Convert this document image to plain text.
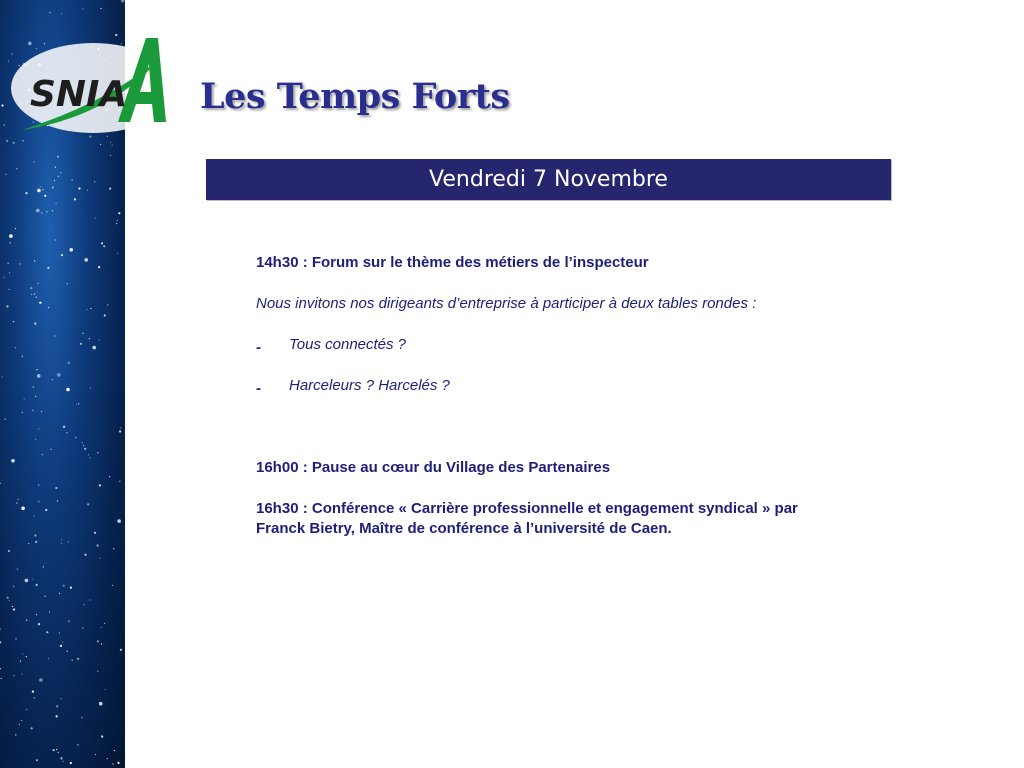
SNIA Les Temps Forts
Vendredi 7 Novembre

14h30 : Forum sur le thème des métiers de l’inspecteur

Nous invitons nos dirigeants d’entreprise à participer à deux tables rondes :

- Tous connectés ?

- Harceleurs ? Harcelés ?

16h00 : Pause au cœur du Village des Partenaires

16h30 : Conférence « Carrière professionnelle et engagement syndical » par

Franck Bietry, Maître de conférence à l’université de Caen.
